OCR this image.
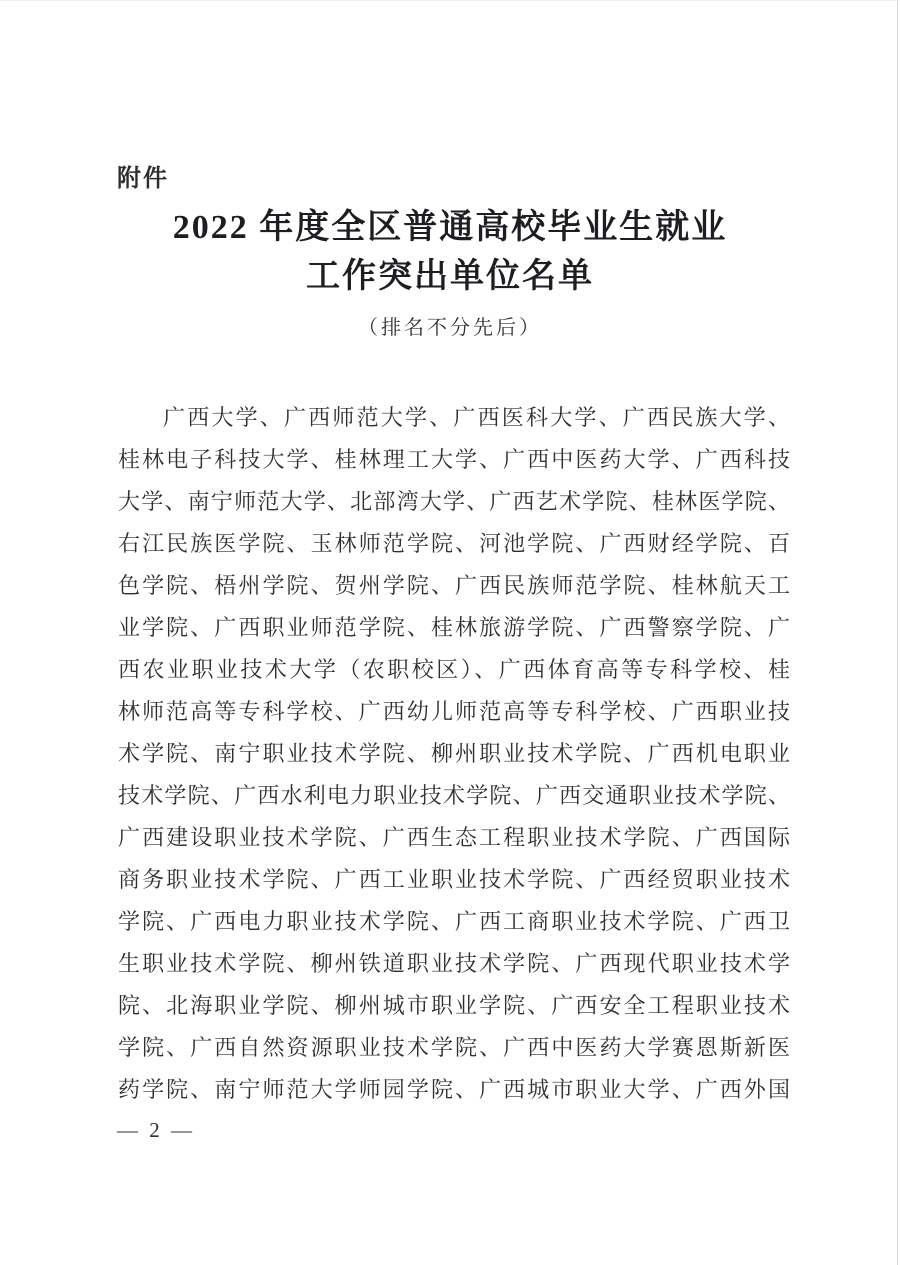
附件
2022 年度全区普通高校毕业生就业
工作突出单位名单
（排名不分先后）
广西大学、广西师范大学、广西医科大学、广西民族大学、
桂林电子科技大学、桂林理工大学、广西中医药大学、广西科技
大学、南宁师范大学、北部湾大学、广西艺术学院、桂林医学院、
右江民族医学院、玉林师范学院、河池学院、广西财经学院、百
色学院、梧州学院、贺州学院、广西民族师范学院、桂林航天工
业学院、广西职业师范学院、桂林旅游学院、广西警察学院、广
西农业职业技术大学（农职校区）、广西体育高等专科学校、桂
林师范高等专科学校、广西幼儿师范高等专科学校、广西职业技
术学院、南宁职业技术学院、柳州职业技术学院、广西机电职业
技术学院、广西水利电力职业技术学院、广西交通职业技术学院、
广西建设职业技术学院、广西生态工程职业技术学院、广西国际
商务职业技术学院、广西工业职业技术学院、广西经贸职业技术
学院、广西电力职业技术学院、广西工商职业技术学院、广西卫
生职业技术学院、柳州铁道职业技术学院、广西现代职业技术学
院、北海职业学院、柳州城市职业学院、广西安全工程职业技术
学院、广西自然资源职业技术学院、广西中医药大学赛恩斯新医
药学院、南宁师范大学师园学院、广西城市职业大学、广西外国
— 2 —
